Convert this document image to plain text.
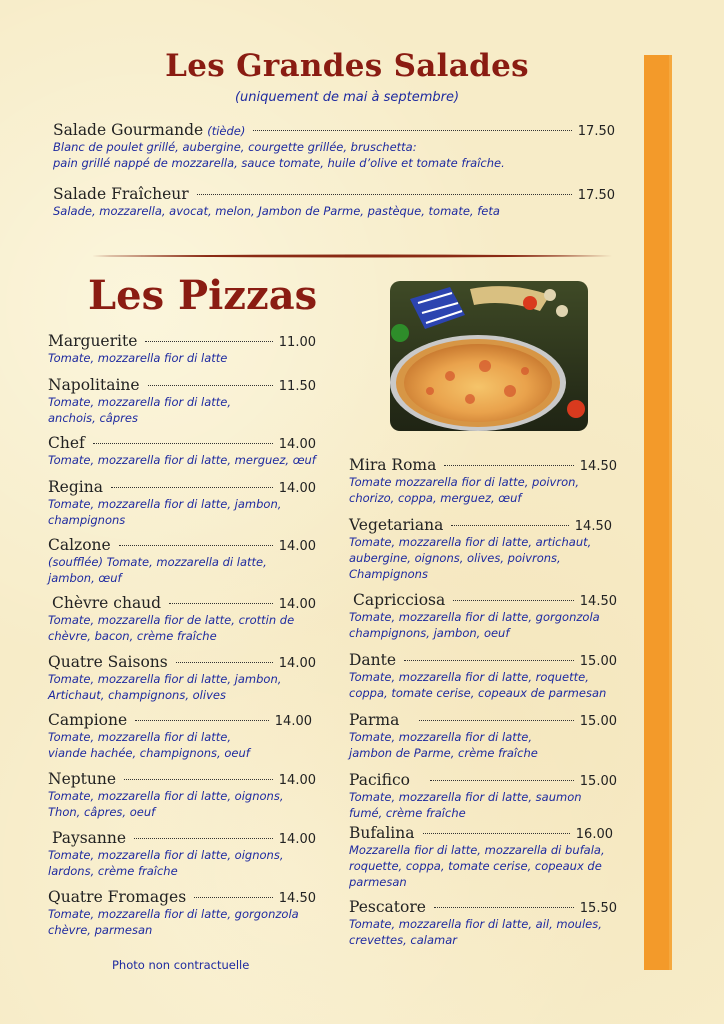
Les Grandes Salades
(uniquement de mai à septembre)
Salade Gourmande (tiède)	17.50
Blanc de poulet grillé, aubergine, courgette grillée, bruschetta:
pain grillé nappé de mozzarella, sauce tomate, huile d’olive et tomate fraîche.
Salade Fraîcheur	17.50
Salade, mozzarella, avocat, melon, Jambon de Parme, pastèque, tomate, feta
Les Pizzas
Marguerite	11.00
Tomate, mozzarella fior di latte
Napolitaine	11.50
Tomate, mozzarella fior di latte,
anchois, câpres
Chef	14.00
Tomate, mozzarella fior di latte, merguez, œuf
Regina	14.00
Tomate, mozzarella fior di latte, jambon,
champignons
Calzone	14.00
(soufflée) Tomate, mozzarella di latte,
jambon, œuf
Chèvre chaud	14.00
Tomate, mozzarella fior de latte, crottin de
chèvre, bacon, crème fraîche
Quatre Saisons	14.00
Tomate, mozzarella fior di latte, jambon,
Artichaut, champignons, olives
Campione	14.00
Tomate, mozzarella fior di latte,
viande hachée, champignons, oeuf
Neptune	14.00
Tomate, mozzarella fior di latte, oignons,
Thon, câpres, oeuf
Paysanne	14.00
Tomate, mozzarella fior di latte, oignons,
lardons, crème fraîche
Quatre Fromages	14.50
Tomate, mozzarella fior di latte, gorgonzola
chèvre, parmesan
Mira Roma	14.50
Tomate mozzarella fior di latte, poivron,
chorizo, coppa, merguez, œuf
Vegetariana	14.50
Tomate, mozzarella fior di latte, artichaut,
aubergine, oignons, olives, poivrons,
Champignons
Capricciosa	14.50
Tomate, mozzarella fior di latte, gorgonzola
champignons, jambon, oeuf
Dante	15.00
Tomate, mozzarella fior di latte, roquette,
coppa, tomate cerise, copeaux de parmesan
Parma	15.00
Tomate, mozzarella fior di latte,
jambon de Parme, crème fraîche
Pacifico	15.00
Tomate, mozzarella fior di latte, saumon
fumé, crème fraîche
Bufalina	16.00
Mozzarella fior di latte, mozzarella di bufala,
roquette, coppa, tomate cerise, copeaux de
parmesan
Pescatore	15.50
Tomate, mozzarella fior di latte, ail, moules,
crevettes, calamar
Photo non contractuelle
